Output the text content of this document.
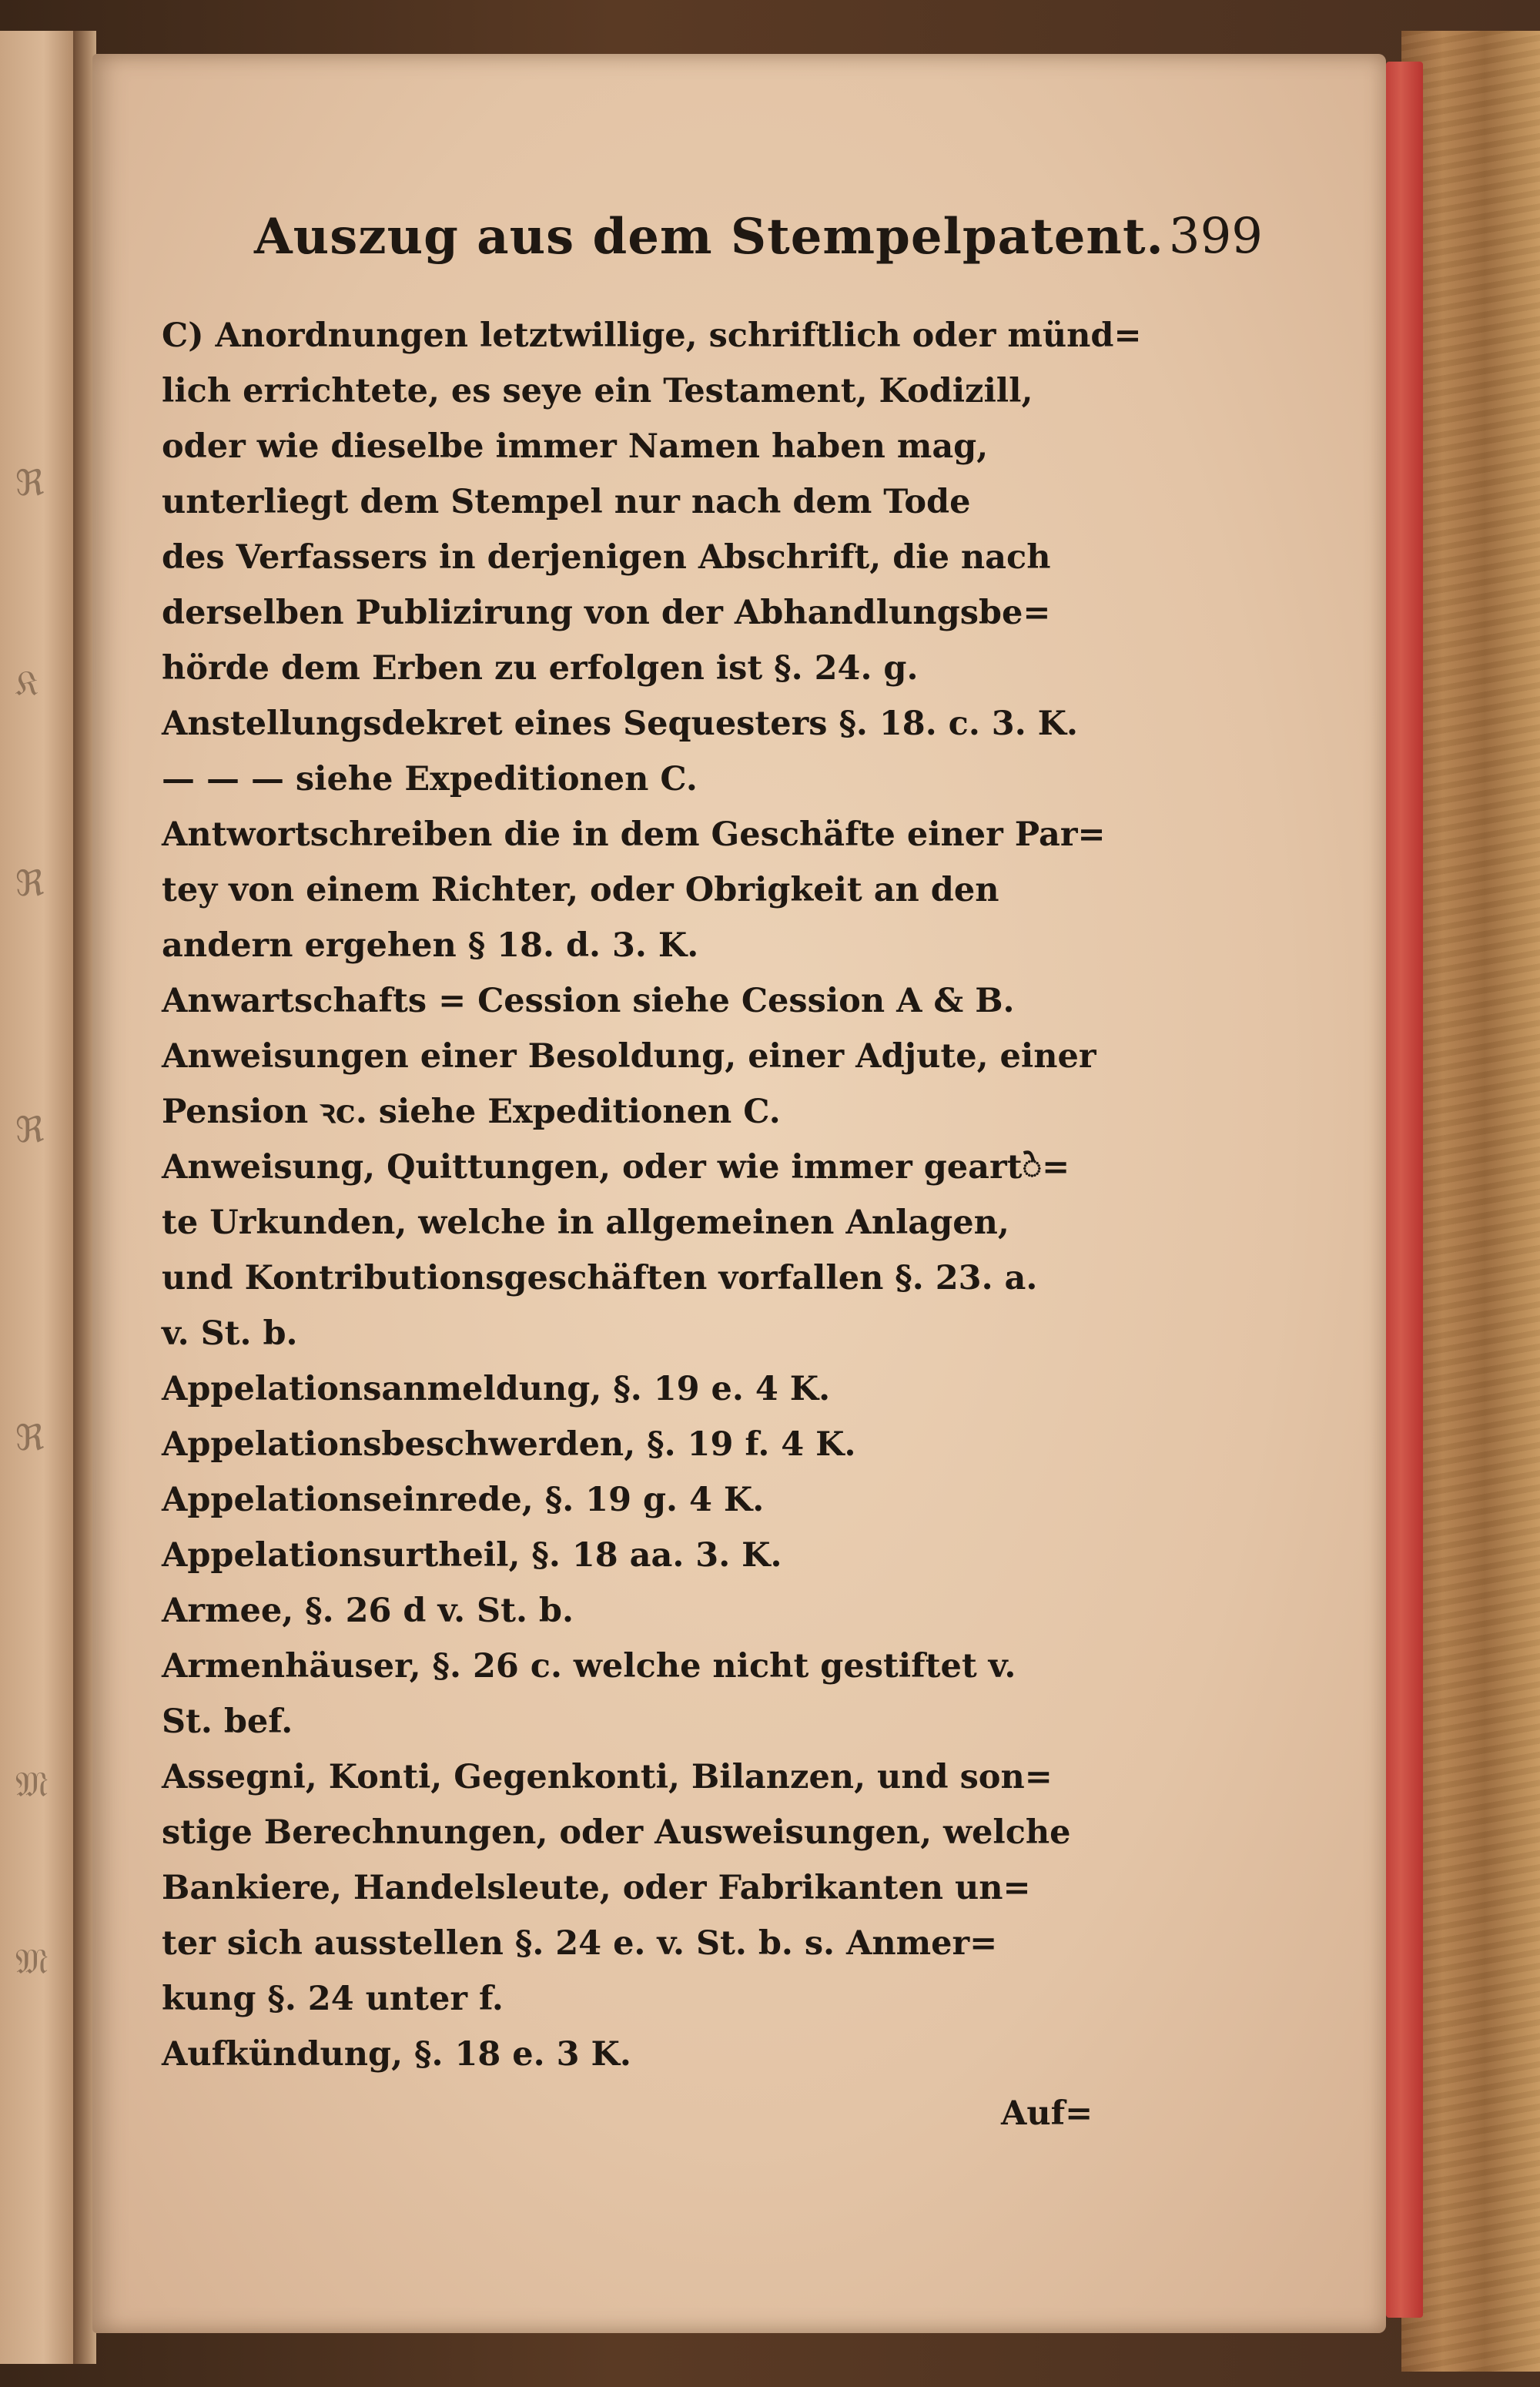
ℜ
𝔎
ℜ
ℜ
ℜ
𝔐
𝔐
Auszug aus dem Stempelpatent. 399

C) Anordnungen letztwillige, schriftlich oder münd=
lich errichtete, es seye ein Testament, Kodizill,
oder wie dieselbe immer Namen haben mag,
unterliegt dem Stempel nur nach dem Tode
des Verfassers in derjenigen Abschrift, die nach
derselben Publizirung von der Abhandlungsbe=
hörde dem Erben zu erfolgen ist §. 24. g.

Anstellungsdekret eines Sequesters §. 18. c. 3. K.

— — — siehe Expeditionen C.

Antwortschreiben die in dem Geschäfte einer Par=
tey von einem Richter, oder Obrigkeit an den
andern ergehen § 18. d. 3. K.

Anwartschafts = Cession siehe Cession A & B.

Anweisungen einer Besoldung, einer Adjute, einer
Pension ꝛc. siehe Expeditionen C.

Anweisung, Quittungen, oder wie immer geartे=
te Urkunden, welche in allgemeinen Anlagen,
und Kontributionsgeschäften vorfallen §. 23. a.
v. St. b.

Appelationsanmeldung, §. 19 e. 4 K.

Appelationsbeschwerden, §. 19 f. 4 K.

Appelationseinrede, §. 19 g. 4 K.

Appelationsurtheil, §. 18 aa. 3. K.

Armee, §. 26 d v. St. b.

Armenhäuser, §. 26 c. welche nicht gestiftet v.
St. bef.

Assegni, Konti, Gegenkonti, Bilanzen, und son=
stige Berechnungen, oder Ausweisungen, welche
Bankiere, Handelsleute, oder Fabrikanten un=
ter sich ausstellen §. 24 e. v. St. b. s. Anmer=
kung §. 24 unter f.

Aufkündung, §. 18 e. 3 K.

Auf=
